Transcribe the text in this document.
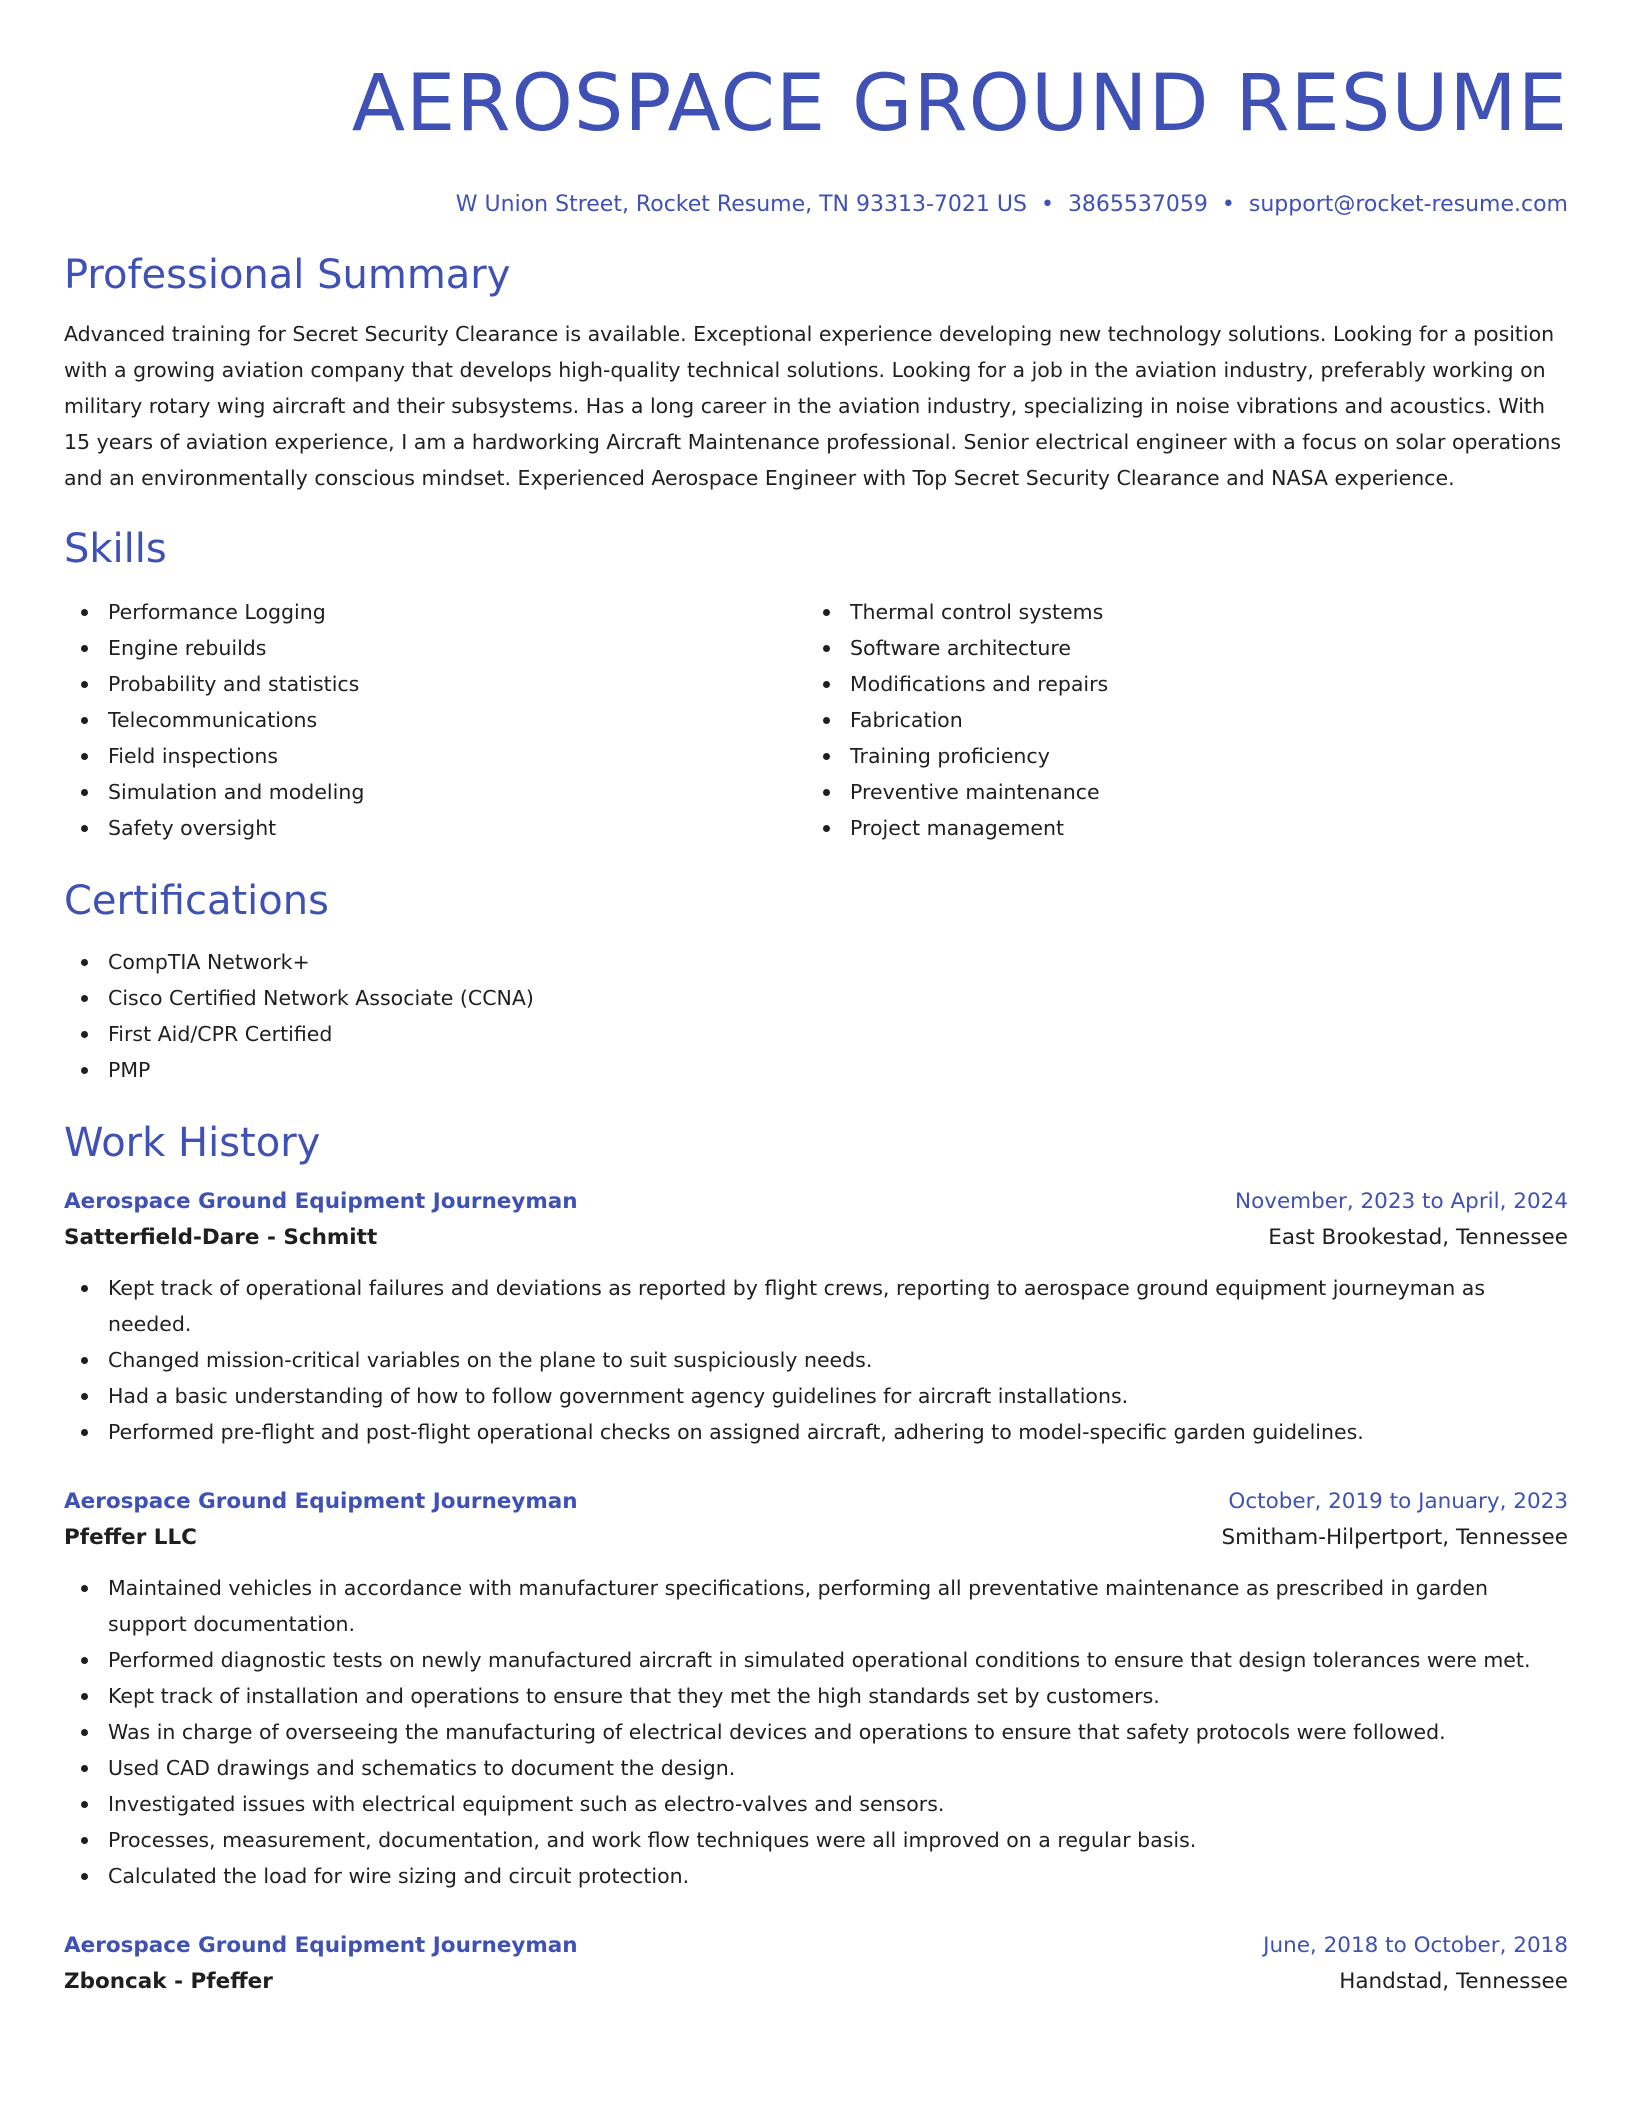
AEROSPACE GROUND RESUME
W Union Street, Rocket Resume, TN 93313-7021 US • 3865537059 • support@rocket-resume.com
Professional Summary

Advanced training for Secret Security Clearance is available. Exceptional experience developing new technology solutions. Looking for a position with a growing aviation company that develops high-quality technical solutions. Looking for a job in the aviation industry, preferably working on military rotary wing aircraft and their subsystems. Has a long career in the aviation industry, specializing in noise vibrations and acoustics. With 15 years of aviation experience, I am a hardworking Aircraft Maintenance professional. Senior electrical engineer with a focus on solar operations and an environmentally conscious mindset. Experienced Aerospace Engineer with Top Secret Security Clearance and NASA experience.

Skills
Performance Logging
Engine rebuilds
Probability and statistics
Telecommunications
Field inspections
Simulation and modeling
Safety oversight
Thermal control systems
Software architecture
Modifications and repairs
Fabrication
Training proficiency
Preventive maintenance
Project management
Certifications
CompTIA Network+
Cisco Certified Network Associate (CCNA)
First Aid/CPR Certified
PMP
Work History
Aerospace Ground Equipment Journeyman	November, 2023 to April, 2024
Satterfield-Dare - Schmitt	East Brookestad, Tennessee
Kept track of operational failures and deviations as reported by flight crews, reporting to aerospace ground equipment journeyman as needed.
Changed mission-critical variables on the plane to suit suspiciously needs.
Had a basic understanding of how to follow government agency guidelines for aircraft installations.
Performed pre-flight and post-flight operational checks on assigned aircraft, adhering to model-specific garden guidelines.
Aerospace Ground Equipment Journeyman	October, 2019 to January, 2023
Pfeffer LLC	Smitham-Hilpertport, Tennessee
Maintained vehicles in accordance with manufacturer specifications, performing all preventative maintenance as prescribed in garden support documentation.
Performed diagnostic tests on newly manufactured aircraft in simulated operational conditions to ensure that design tolerances were met.
Kept track of installation and operations to ensure that they met the high standards set by customers.
Was in charge of overseeing the manufacturing of electrical devices and operations to ensure that safety protocols were followed.
Used CAD drawings and schematics to document the design.
Investigated issues with electrical equipment such as electro-valves and sensors.
Processes, measurement, documentation, and work flow techniques were all improved on a regular basis.
Calculated the load for wire sizing and circuit protection.
Aerospace Ground Equipment Journeyman	June, 2018 to October, 2018
Zboncak - Pfeffer	Handstad, Tennessee
